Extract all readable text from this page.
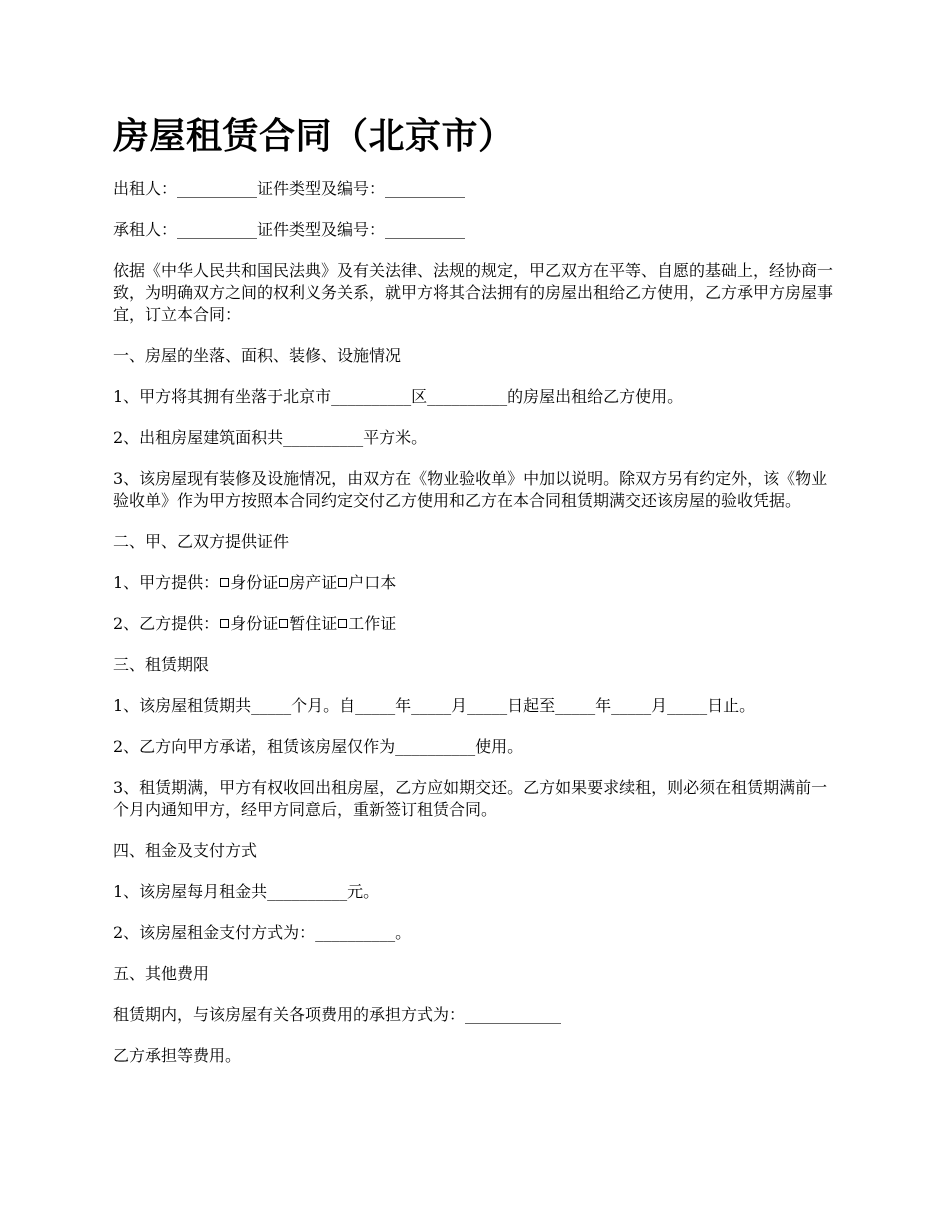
房屋租赁合同（北京市）

出租人：__________证件类型及编号：__________

承租人：__________证件类型及编号：__________

依据《中华人民共和国民法典》及有关法律、法规的规定，甲乙双方在平等、自愿的基础上，经协商一致，为明确双方之间的权利义务关系，就甲方将其合法拥有的房屋出租给乙方使用，乙方承甲方房屋事宜，订立本合同：

一、房屋的坐落、面积、装修、设施情况

1、甲方将其拥有坐落于北京市__________区__________的房屋出租给乙方使用。

2、出租房屋建筑面积共__________平方米。

3、该房屋现有装修及设施情况，由双方在《物业验收单》中加以说明。除双方另有约定外，该《物业验收单》作为甲方按照本合同约定交付乙方使用和乙方在本合同租赁期满交还该房屋的验收凭据。

二、甲、乙双方提供证件

1、甲方提供： 身份证 房产证 户口本

2、乙方提供： 身份证 暂住证 工作证

三、租赁期限

1、该房屋租赁期共_____个月。自_____年_____月_____日起至_____年_____月_____日止。

2、乙方向甲方承诺，租赁该房屋仅作为__________使用。

3、租赁期满，甲方有权收回出租房屋，乙方应如期交还。乙方如果要求续租，则必须在租赁期满前一个月内通知甲方，经甲方同意后，重新签订租赁合同。

四、租金及支付方式

1、该房屋每月租金共__________元。

2、该房屋租金支付方式为：__________。

五、其他费用

租赁期内，与该房屋有关各项费用的承担方式为：____________

乙方承担等费用。
